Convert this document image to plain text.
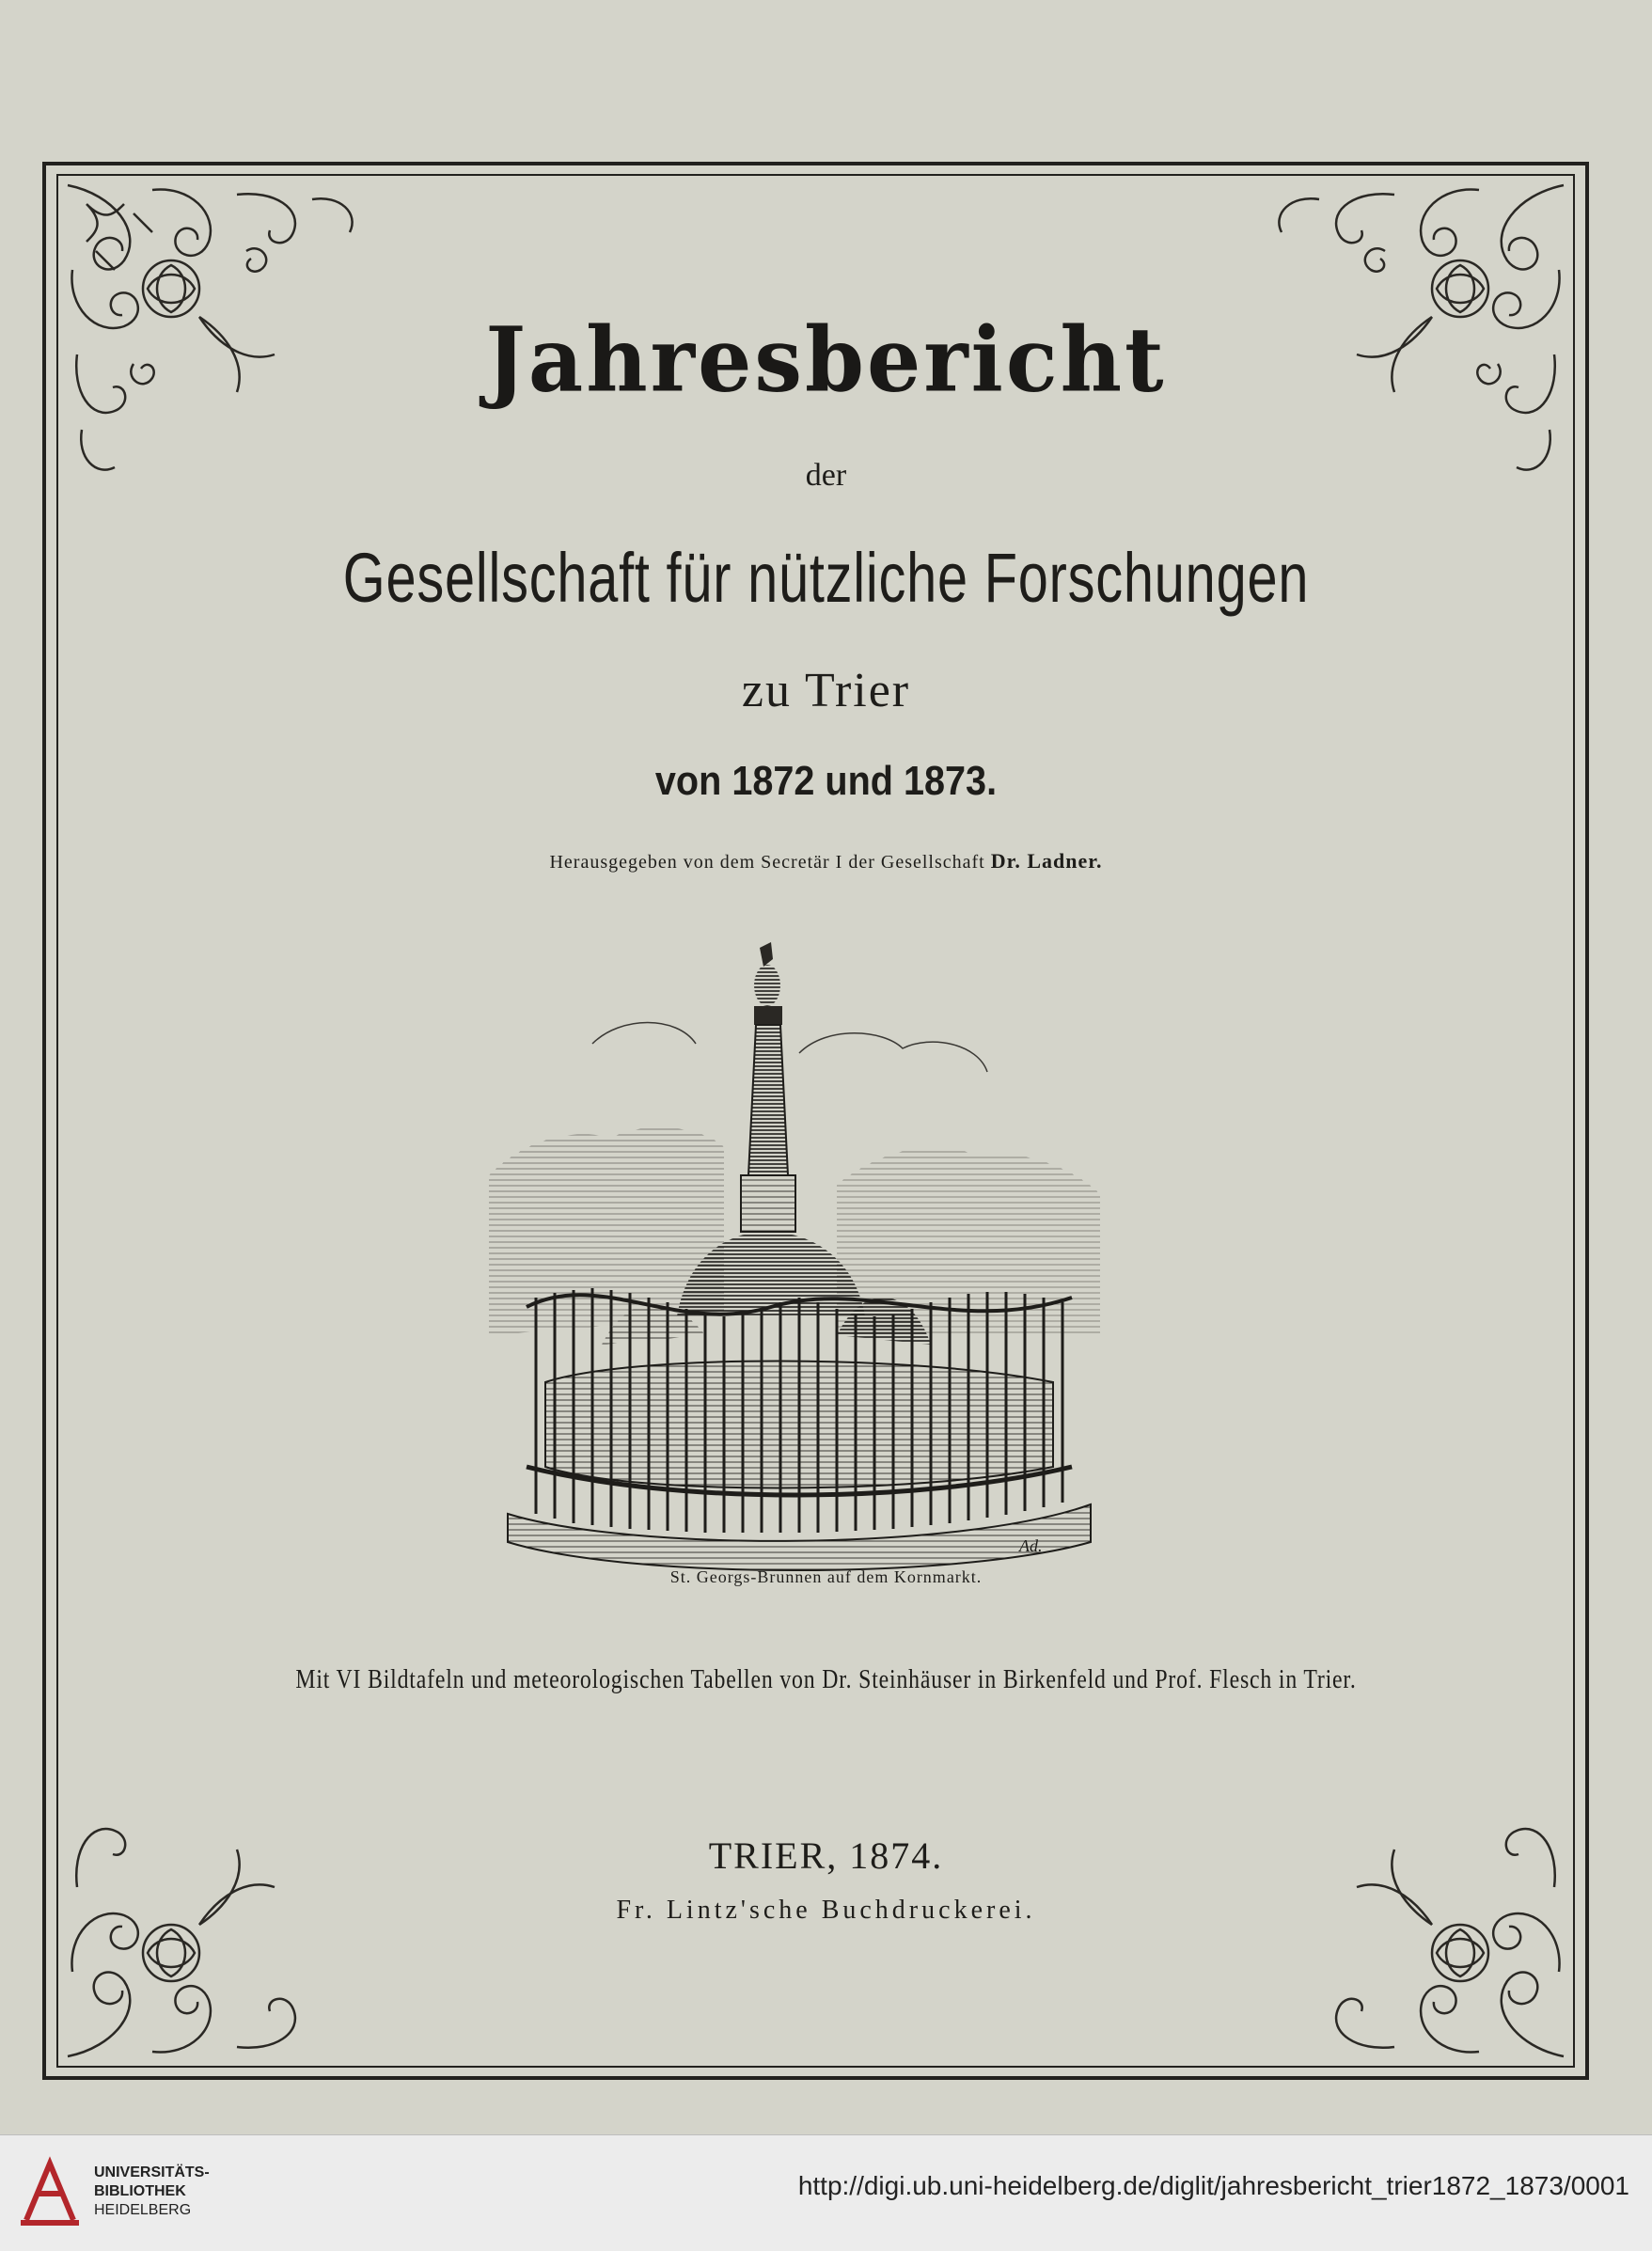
Jahresbericht
der
Gesellschaft für nützliche Forschungen
zu Trier
von 1872 und 1873.
Herausgegeben von dem Secretär I der Gesellschaft Dr. Ladner.
Ad.
St. Georgs-Brunnen auf dem Kornmarkt.
Mit VI Bildtafeln und meteorologischen Tabellen von Dr. Steinhäuser in Birkenfeld und Prof. Flesch in Trier.
TRIER, 1874.
Fr. Lintz'sche Buchdruckerei.
UNIVERSITÄTS-
BIBLIOTHEK
HEIDELBERG
http://digi.ub.uni-heidelberg.de/diglit/jahresbericht_trier1872_1873/0001
